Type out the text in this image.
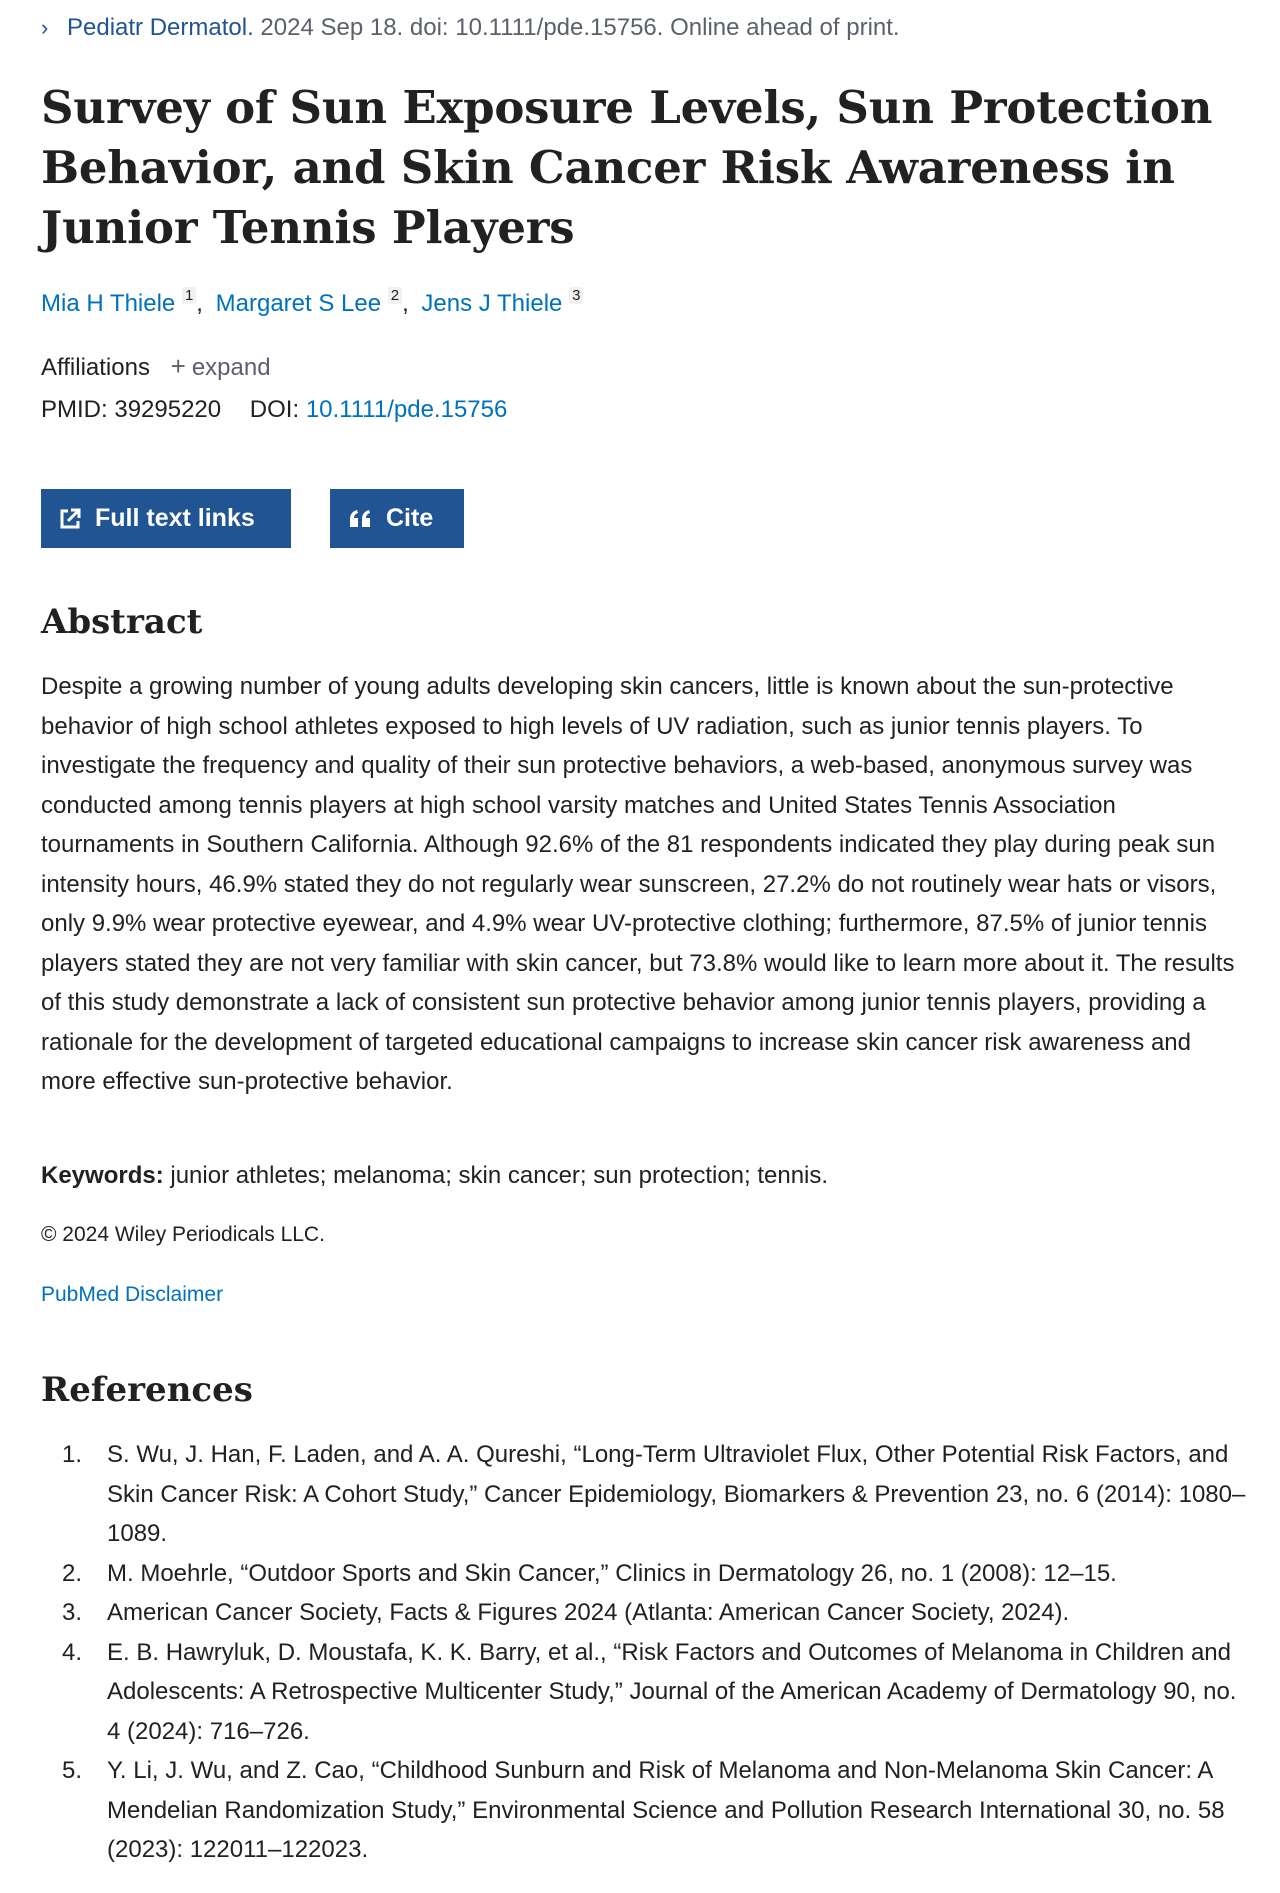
› Pediatr Dermatol. 2024 Sep 18. doi: 10.1111/pde.15756. Online ahead of print.
Survey of Sun Exposure Levels, Sun Protection Behavior, and Skin Cancer Risk Awareness in Junior Tennis Players
Mia H Thiele $^1$ , Margaret S Lee $^2$ , Jens J Thiele $^3$
Affiliations + expand
PMID: 39295220 DOI: 10.1111/pde.15756
Full text links	Cite
Abstract

Despite a growing number of young adults developing skin cancers, little is known about the sun-protective behavior of high school athletes exposed to high levels of UV radiation, such as junior tennis players. To investigate the frequency and quality of their sun protective behaviors, a web-based, anonymous survey was conducted among tennis players at high school varsity matches and United States Tennis Association tournaments in Southern California. Although 92.6% of the 81 respondents indicated they play during peak sun intensity hours, 46.9% stated they do not regularly wear sunscreen, 27.2% do not routinely wear hats or visors, only 9.9% wear protective eyewear, and 4.9% wear UV-protective clothing; furthermore, 87.5% of junior tennis players stated they are not very familiar with skin cancer, but 73.8% would like to learn more about it. The results of this study demonstrate a lack of consistent sun protective behavior among junior tennis players, providing a rationale for the development of targeted educational campaigns to increase skin cancer risk awareness and more effective sun-protective behavior.

Keywords: junior athletes; melanoma; skin cancer; sun protection; tennis.
© 2024 Wiley Periodicals LLC.
PubMed Disclaimer
References
1. S. Wu, J. Han, F. Laden, and A. A. Qureshi, “Long-Term Ultraviolet Flux, Other Potential Risk Factors, and Skin Cancer Risk: A Cohort Study,” Cancer Epidemiology, Biomarkers & Prevention 23, no. 6 (2014): 1080–1089.
2. M. Moehrle, “Outdoor Sports and Skin Cancer,” Clinics in Dermatology 26, no. 1 (2008): 12–15.
3. American Cancer Society, Facts & Figures 2024 (Atlanta: American Cancer Society, 2024).
4. E. B. Hawryluk, D. Moustafa, K. K. Barry, et al., “Risk Factors and Outcomes of Melanoma in Children and Adolescents: A Retrospective Multicenter Study,” Journal of the American Academy of Dermatology 90, no. 4 (2024): 716–726.
5. Y. Li, J. Wu, and Z. Cao, “Childhood Sunburn and Risk of Melanoma and Non-Melanoma Skin Cancer: A Mendelian Randomization Study,” Environmental Science and Pollution Research International 30, no. 58 (2023): 122011–122023.
